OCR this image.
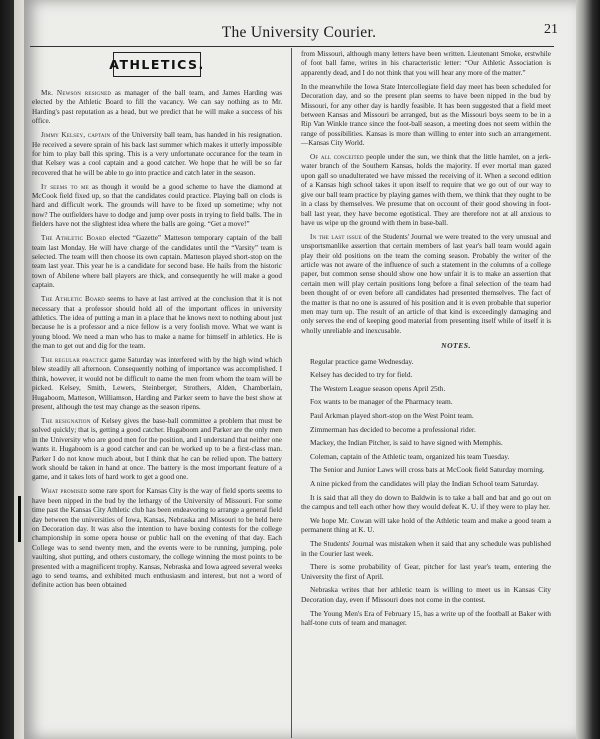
The University Courier.	21
ATHLETICS.

Mr. Newson resigned as manager of the ball team, and James Harding was elected by the Athletic Board to fill the vacancy. We can say nothing as to Mr. Harding's past reputation as a head, but we predict that he will make a success of his office.

Jimmy Kelsey, captain of the University ball team, has handed in his resignation. He received a severe sprain of his back last summer which makes it utterly impossible for him to play ball this spring. This is a very unfortunate occurance for the team in that Kelsey was a cool captain and a good catcher. We hope that he will be so far recovered that he will be able to go into practice and catch later in the season.

It seems to me as though it would be a good scheme to have the diamond at McCook field fixed up, so that the candidates could practice. Playing ball on clods is hard and difficult work. The grounds will have to be fixed up sometime; why not now? The outfielders have to dodge and jump over posts in trying to field balls. The in fielders have not the slightest idea where the balls are going. “Get a move!”

The Athletic Board elected “Gazette” Matteson temporary captain of the ball team last Monday. He will have charge of the candidates until the “Varsity” team is selected. The team will then choose its own captain. Matteson played short-stop on the team last year. This year he is a candidate for second base. He hails from the historic town of Abilene where ball players are thick, and consequently he will make a good captain.

The Athletic Board seems to have at last arrived at the conclusion that it is not necessary that a professor should hold all of the important offices in university athletics. The idea of putting a man in a place that he knows next to nothing about just because he is a professor and a nice fellow is a very foolish move. What we want is young blood. We need a man who has to make a name for himself in athletics. He is the man to get out and dig for the team.

The regular practice game Saturday was interfered with by the high wind which blew steadily all afternoon. Consequently nothing of importance was accomplished. I think, however, it would not be difficult to name the men from whom the team will be picked. Kelsey, Smith, Lewers, Steinberger, Strothers, Alden, Chamberlain, Hugaboom, Matteson, Williamson, Harding and Parker seem to have the best show at present, although the test may change as the season ripens.

The resignation of Kelsey gives the base-ball committee a problem that must be solved quickly; that is, getting a good catcher. Hugaboom and Parker are the only men in the University who are good men for the position, and I understand that neither one wants it. Hugaboom is a good catcher and can be worked up to be a first-class man. Parker I do not know much about, but I think that he can be relied upon. The battery work should be taken in hand at once. The battery is the most important feature of a game, and it takes lots of hard work to get a good one.

What promised some rare sport for Kansas City is the way of field sports seems to have been nipped in the bud by the lethargy of the University of Missouri. For some time past the Kansas City Athletic club has been endeavoring to arrange a general field day between the universities of Iowa, Kansas, Nebraska and Missouri to be held here on Decoration day. It was also the intention to have boxing contests for the college championship in some opera house or public hall on the evening of that day. Each College was to send twenty men, and the events were to be running, jumping, pole vaulting, shot putting, and others customary, the college winning the most points to be presented with a magnificent trophy. Kansas, Nebraska and Iowa agreed several weeks ago to send teams, and exhibited much enthusiasm and interest, but not a word of definite action has been obtained

from Missouri, although many letters have been written. Lieutenant Smoke, erstwhile of foot ball fame, writes in his characteristic letter: “Our Athletic Association is apparently dead, and I do not think that you will hear any more of the matter.”

In the meanwhile the Iowa State Intercollegiate field day meet has been scheduled for Decoration day, and so the present plan seems to have been nipped in the bud by Missouri, for any other day is hardly feasible. It has been suggested that a field meet between Kansas and Missouri be arranged, but as the Missouri boys seem to be in a Rip Van Winkle trance since the foot-ball season, a meeting does not seem within the range of possibilities. Kansas is more than willing to enter into such an arrangement.—Kansas City World.

Of all conceited people under the sun, we think that the little hamlet, on a jerk-water branch of the Southern Kansas, holds the majority. If ever mortal man gazed upon gall so unadulterated we have missed the receiving of it. When a second edition of a Kansas high school takes it upon itself to require that we go out of our way to give our ball team practice by playing games with them, we think that they ought to be in a class by themselves. We presume that on occount of their good showing in foot-ball last year, they have become egotistical. They are therefore not at all anxious to have us wipe up the ground with them in base-ball.

In the last issue of the Students' Journal we were treated to the very unusual and unsportsmanlike assertion that certain members of last year's ball team would again play their old positions on the team the coming season. Probably the writer of the article was not aware of the influence of such a statement in the columns of a college paper, but common sense should show one how unfair it is to make an assertion that certain men will play certain positions long before a final selection of the team had been thought of or even before all candidates had presented themselves. The fact of the matter is that no one is assured of his position and it is even probable that superior men may turn up. The result of an article of that kind is exceedingly damaging and only serves the end of keeping good material from presenting itself while of itself it is wholly unreliable and inexcusable.

NOTES.
Regular practice game Wednesday.
Kelsey has decided to try for field.
The Western League season opens April 25th.
Fox wants to be manager of the Pharmacy team.
Paul Arkman played short-stop on the West Point team.
Zimmerman has decided to become a professional rider.
Mackey, the Indian Pitcher, is said to have signed with Memphis.
Coleman, captain of the Athletic team, organized his team Tuesday.
The Senior and Junior Laws will cross bats at McCook field Saturday morning.
A nine picked from the candidates will play the Indian School team Saturday.
It is said that all they do down to Baldwin is to take a ball and bat and go out on the campus and tell each other how they would defeat K. U. if they were to play her.
We hope Mr. Cowan will take hold of the Athletic team and make a good team a permanent thing at K. U.
The Students' Journal was mistaken when it said that any schedule was published in the Courier last week.
There is some probability of Gear, pitcher for last year's team, entering the University the first of April.
Nebraska writes that her athletic team is willing to meet us in Kansas City Decoration day, even if Missouri does not come in the contest.
The Young Men's Era of February 15, has a write up of the football at Baker with half-tone cuts of team and manager.
